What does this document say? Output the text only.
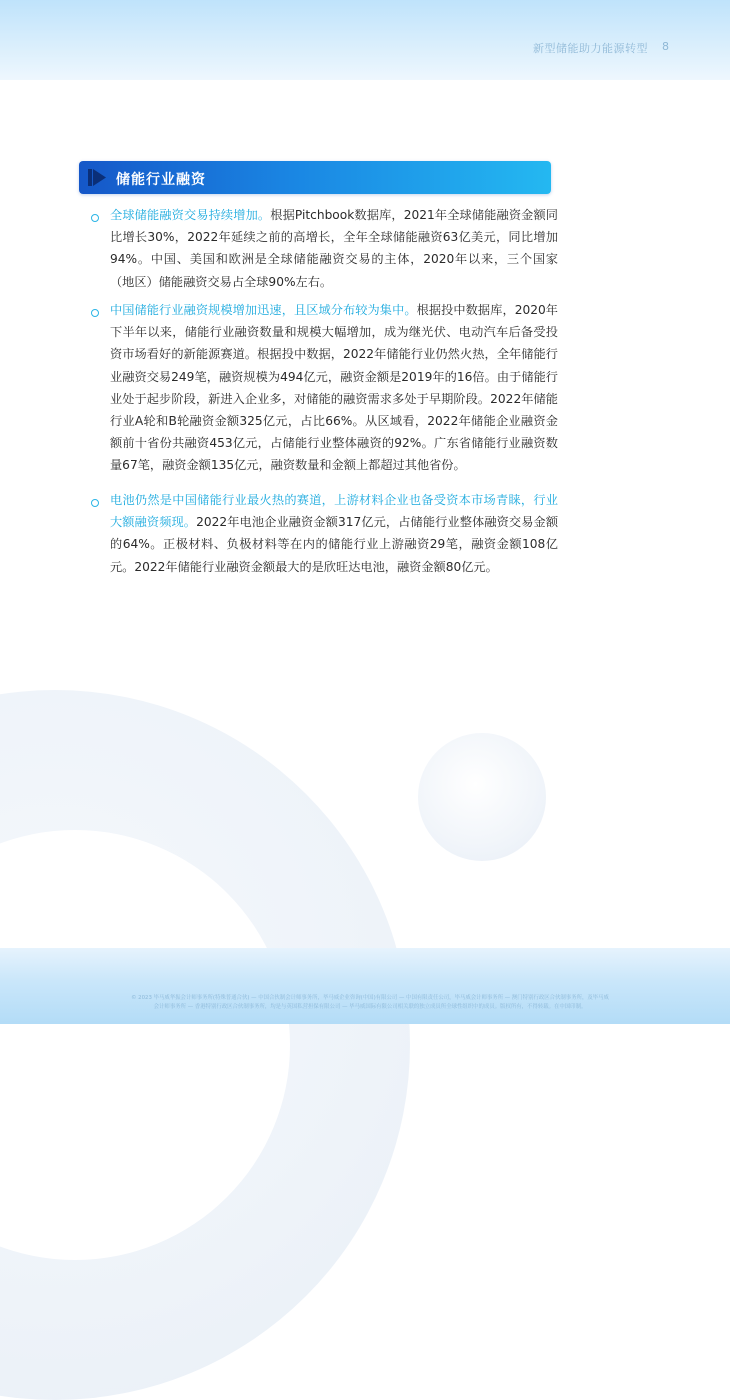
新型储能助力能源转型 8
储能行业融资
全球储能融资交易持续增加。根据Pitchbook数据库，2021年全球储能融资金额同比增长30%，2022年延续之前的高增长，全年全球储能融资63亿美元，同比增加94%。中国、美国和欧洲是全球储能融资交易的主体，2020年以来，三个国家（地区）储能融资交易占全球90%左右。
中国储能行业融资规模增加迅速，且区域分布较为集中。根据投中数据库，2020年下半年以来，储能行业融资数量和规模大幅增加，成为继光伏、电动汽车后备受投资市场看好的新能源赛道。根据投中数据，2022年储能行业仍然火热，全年储能行业融资交易249笔，融资规模为494亿元，融资金额是2019年的16倍。由于储能行业处于起步阶段，新进入企业多，对储能的融资需求多处于早期阶段。2022年储能行业A轮和B轮融资金额325亿元，占比66%。从区域看，2022年储能企业融资金额前十省份共融资453亿元，占储能行业整体融资的92%。广东省储能行业融资数量67笔，融资金额135亿元，融资数量和金额上都超过其他省份。
电池仍然是中国储能行业最火热的赛道，上游材料企业也备受资本市场青睐，行业大额融资频现。2022年电池企业融资金额317亿元，占储能行业整体融资交易金额的64%。正极材料、负极材料等在内的储能行业上游融资29笔，融资金额108亿元。2022年储能行业融资金额最大的是欣旺达电池，融资金额80亿元。
© 2023 毕马威华振会计师事务所(特殊普通合伙) — 中国合伙制会计师事务所，毕马威企业咨询(中国)有限公司 — 中国有限责任公司，毕马威会计师事务所 — 澳门特别行政区合伙制事务所，及毕马威
会计师事务所 — 香港特别行政区合伙制事务所，均是与英国私营担保有限公司 — 毕马威国际有限公司相关联的独立成员所全球性组织中的成员。版权所有，不得转载。在中国印制。
